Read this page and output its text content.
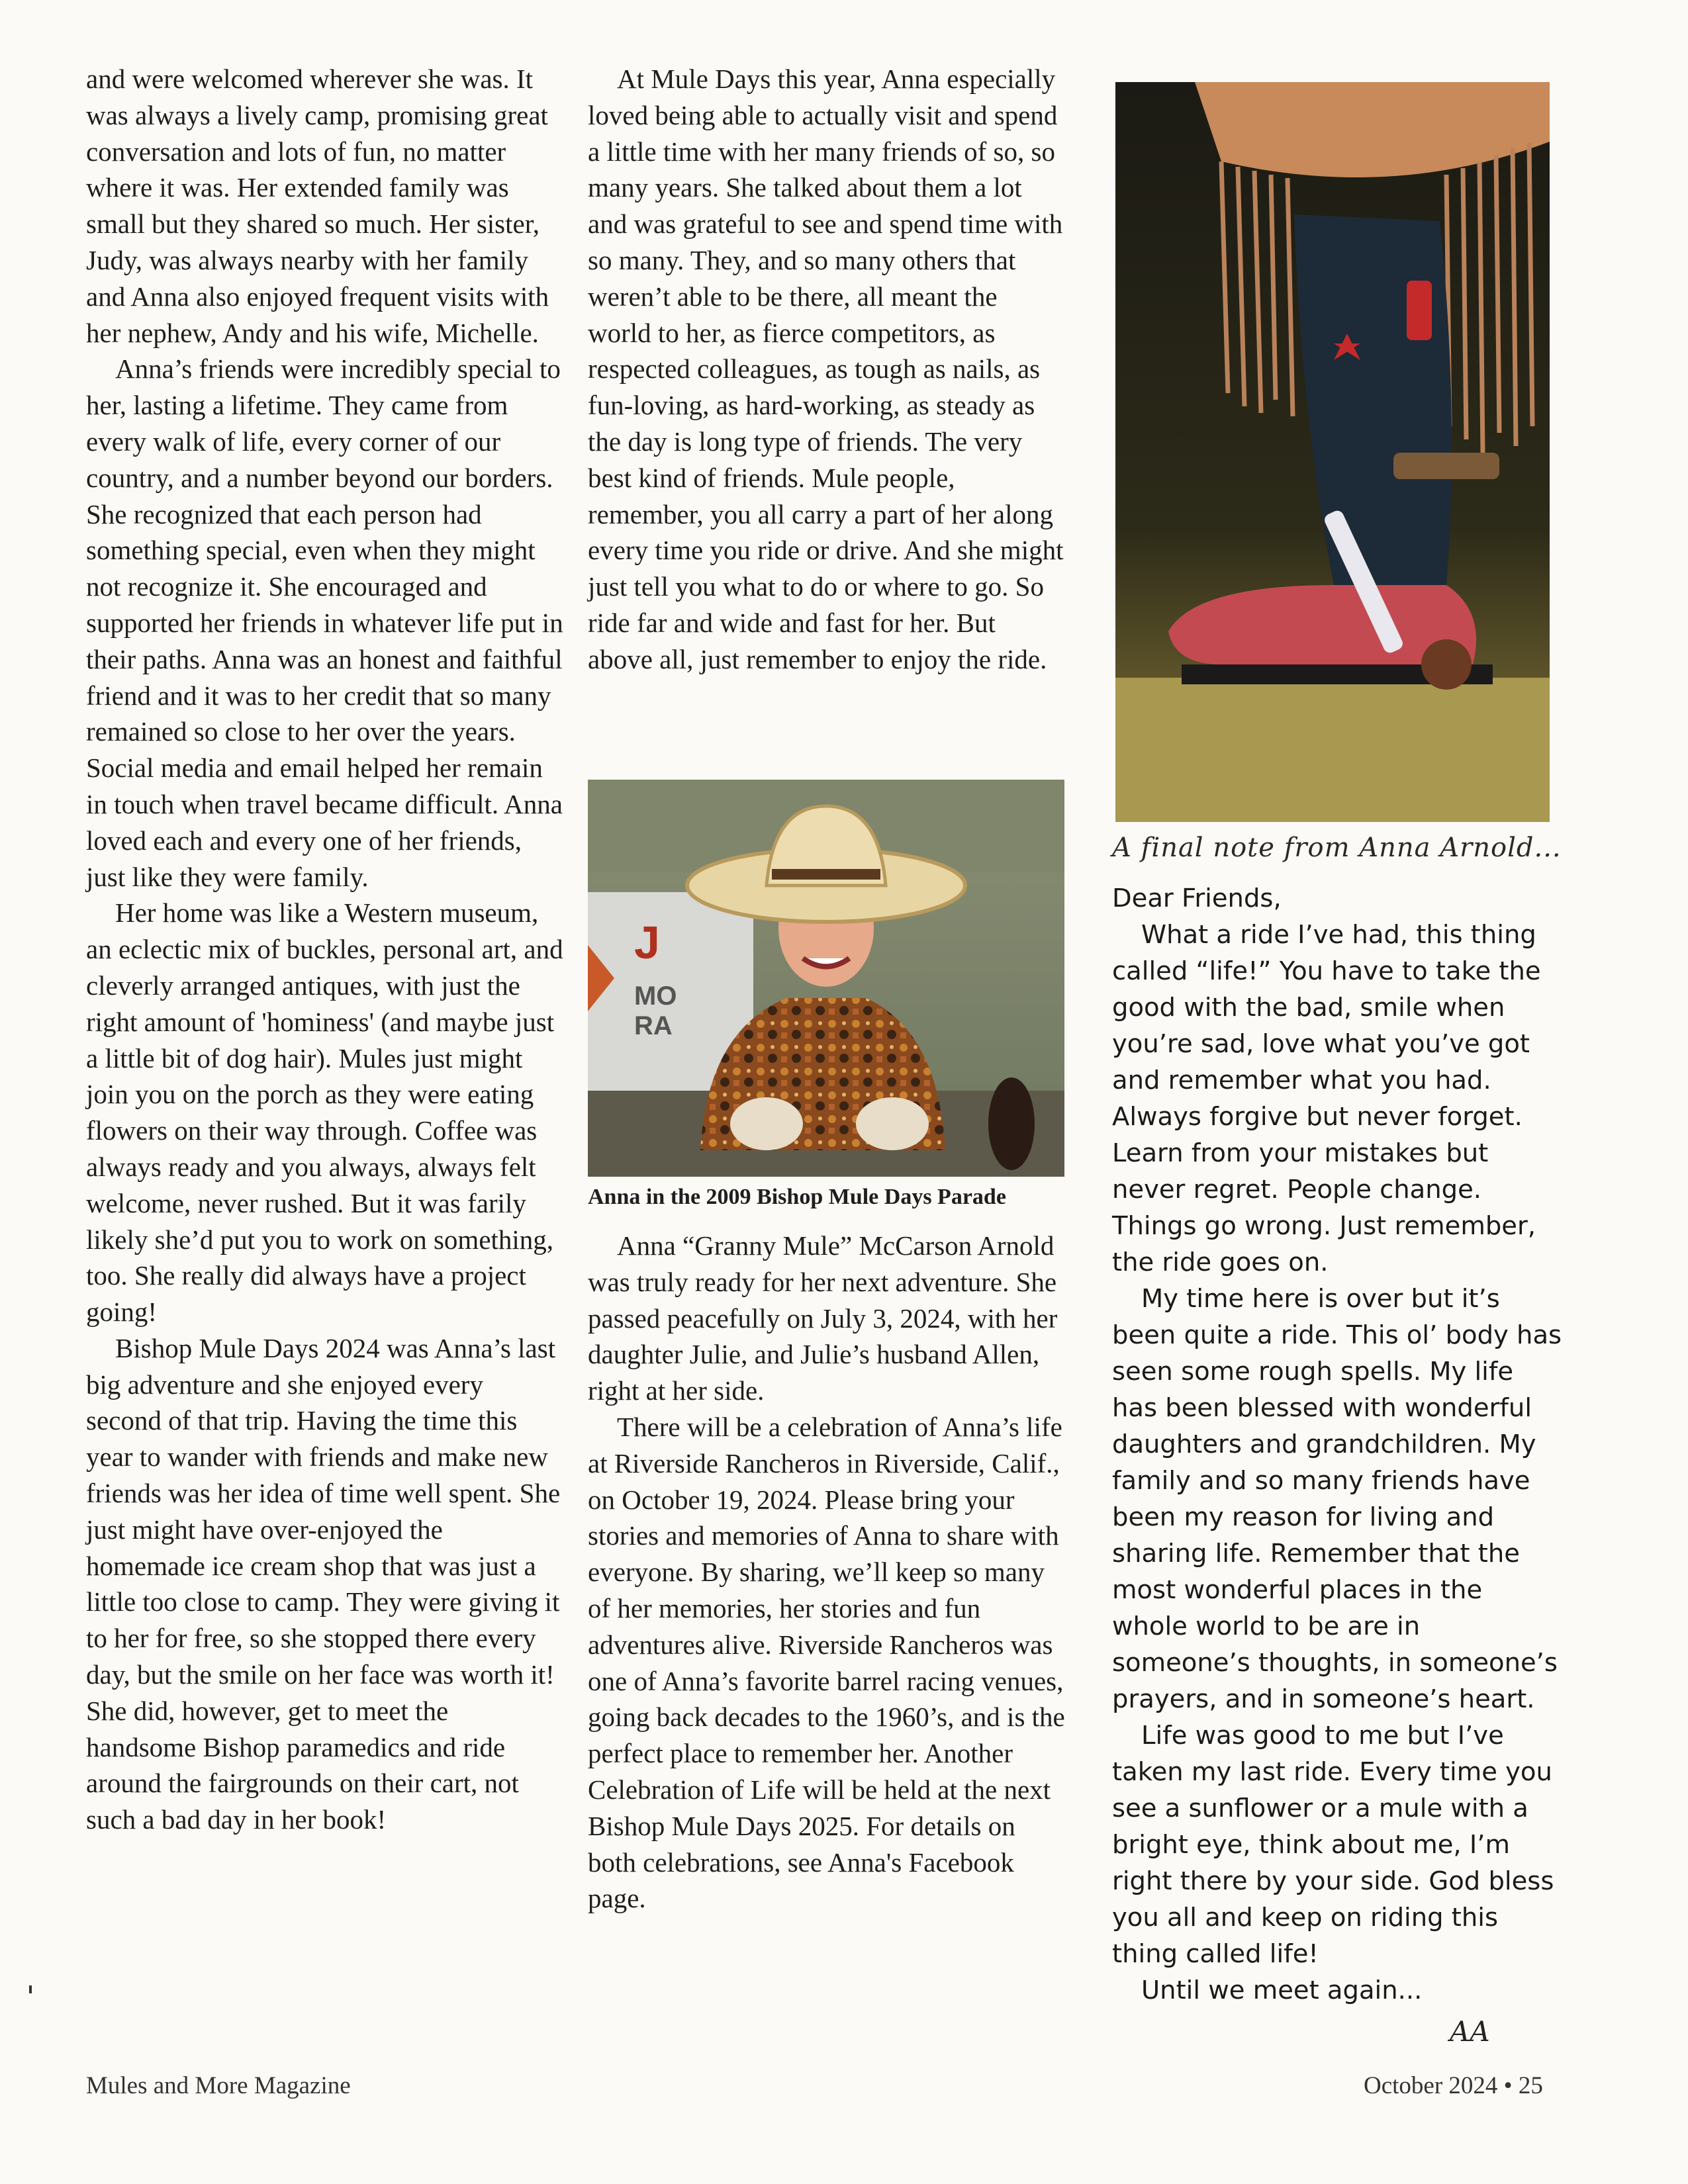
and were welcomed wherever she was. It was always a lively camp, promising great conversation and lots of fun, no matter where it was. Her extended family was small but they shared so much. Her sister, Judy, was always nearby with her family and Anna also enjoyed frequent visits with her nephew, Andy and his wife, Michelle.

Anna’s friends were incredibly special to her, lasting a lifetime. They came from every walk of life, every corner of our country, and a number beyond our borders. She recognized that each person had something special, even when they might not recognize it. She encouraged and supported her friends in whatever life put in their paths. Anna was an honest and faithful friend and it was to her credit that so many remained so close to her over the years. Social media and email helped her remain in touch when travel became difficult. Anna loved each and every one of her friends, just like they were family.

Her home was like a Western museum, an eclectic mix of buckles, personal art, and cleverly arranged antiques, with just the right amount of 'hominess' (and maybe just a little bit of dog hair). Mules just might join you on the porch as they were eating flowers on their way through. Coffee was always ready and you always, always felt welcome, never rushed. But it was farily likely she’d put you to work on something, too. She really did always have a project going!

Bishop Mule Days 2024 was Anna’s last big adventure and she enjoyed every second of that trip. Having the time this year to wander with friends and make new friends was her idea of time well spent. She just might have over-enjoyed the homemade ice cream shop that was just a little too close to camp. They were giving it to her for free, so she stopped there every day, but the smile on her face was worth it! She did, however, get to meet the handsome Bishop paramedics and ride around the fairgrounds on their cart, not such a bad day in her book!

At Mule Days this year, Anna especially loved being able to actually visit and spend a little time with her many friends of so, so many years. She talked about them a lot and was grateful to see and spend time with so many. They, and so many others that weren’t able to be there, all meant the world to her, as fierce competitors, as respected colleagues, as tough as nails, as fun-loving, as hard-working, as steady as the day is long type of friends. The very best kind of friends. Mule people, remember, you all carry a part of her along every time you ride or drive. And she might just tell you what to do or where to go. So ride far and wide and fast for her. But above all, just remember to enjoy the ride.

J
MO
RA
Anna in the 2009 Bishop Mule Days Parade

Anna “Granny Mule” McCarson Arnold was truly ready for her next adventure. She passed peacefully on July 3, 2024, with her daughter Julie, and Julie’s husband Allen, right at her side.

There will be a celebration of Anna’s life at Riverside Rancheros in Riverside, Calif., on October 19, 2024. Please bring your stories and memories of Anna to share with everyone. By sharing, we’ll keep so many of her memories, her stories and fun adventures alive. Riverside Rancheros was one of Anna’s favorite barrel racing venues, going back decades to the 1960’s, and is the perfect place to remember her. Another Celebration of Life will be held at the next Bishop Mule Days 2025. For details on both celebrations, see Anna's Facebook page.

A final note from Anna Arnold...

Dear Friends,

What a ride I’ve had, this thing called “life!” You have to take the good with the bad, smile when you’re sad, love what you’ve got and remember what you had. Always forgive but never forget. Learn from your mistakes but never regret. People change. Things go wrong. Just remember, the ride goes on.

My time here is over but it’s been quite a ride. This ol’ body has seen some rough spells. My life has been blessed with wonderful daughters and grandchildren. My family and so many friends have been my reason for living and sharing life. Remember that the most wonderful places in the whole world to be are in someone’s thoughts, in someone’s prayers, and in someone’s heart.

Life was good to me but I’ve taken my last ride. Every time you see a sunflower or a mule with a bright eye, think about me, I’m right there by your side. God bless you all and keep on riding this thing called life!

Until we meet again...

AA
Mules and More Magazine	October 2024 • 25
